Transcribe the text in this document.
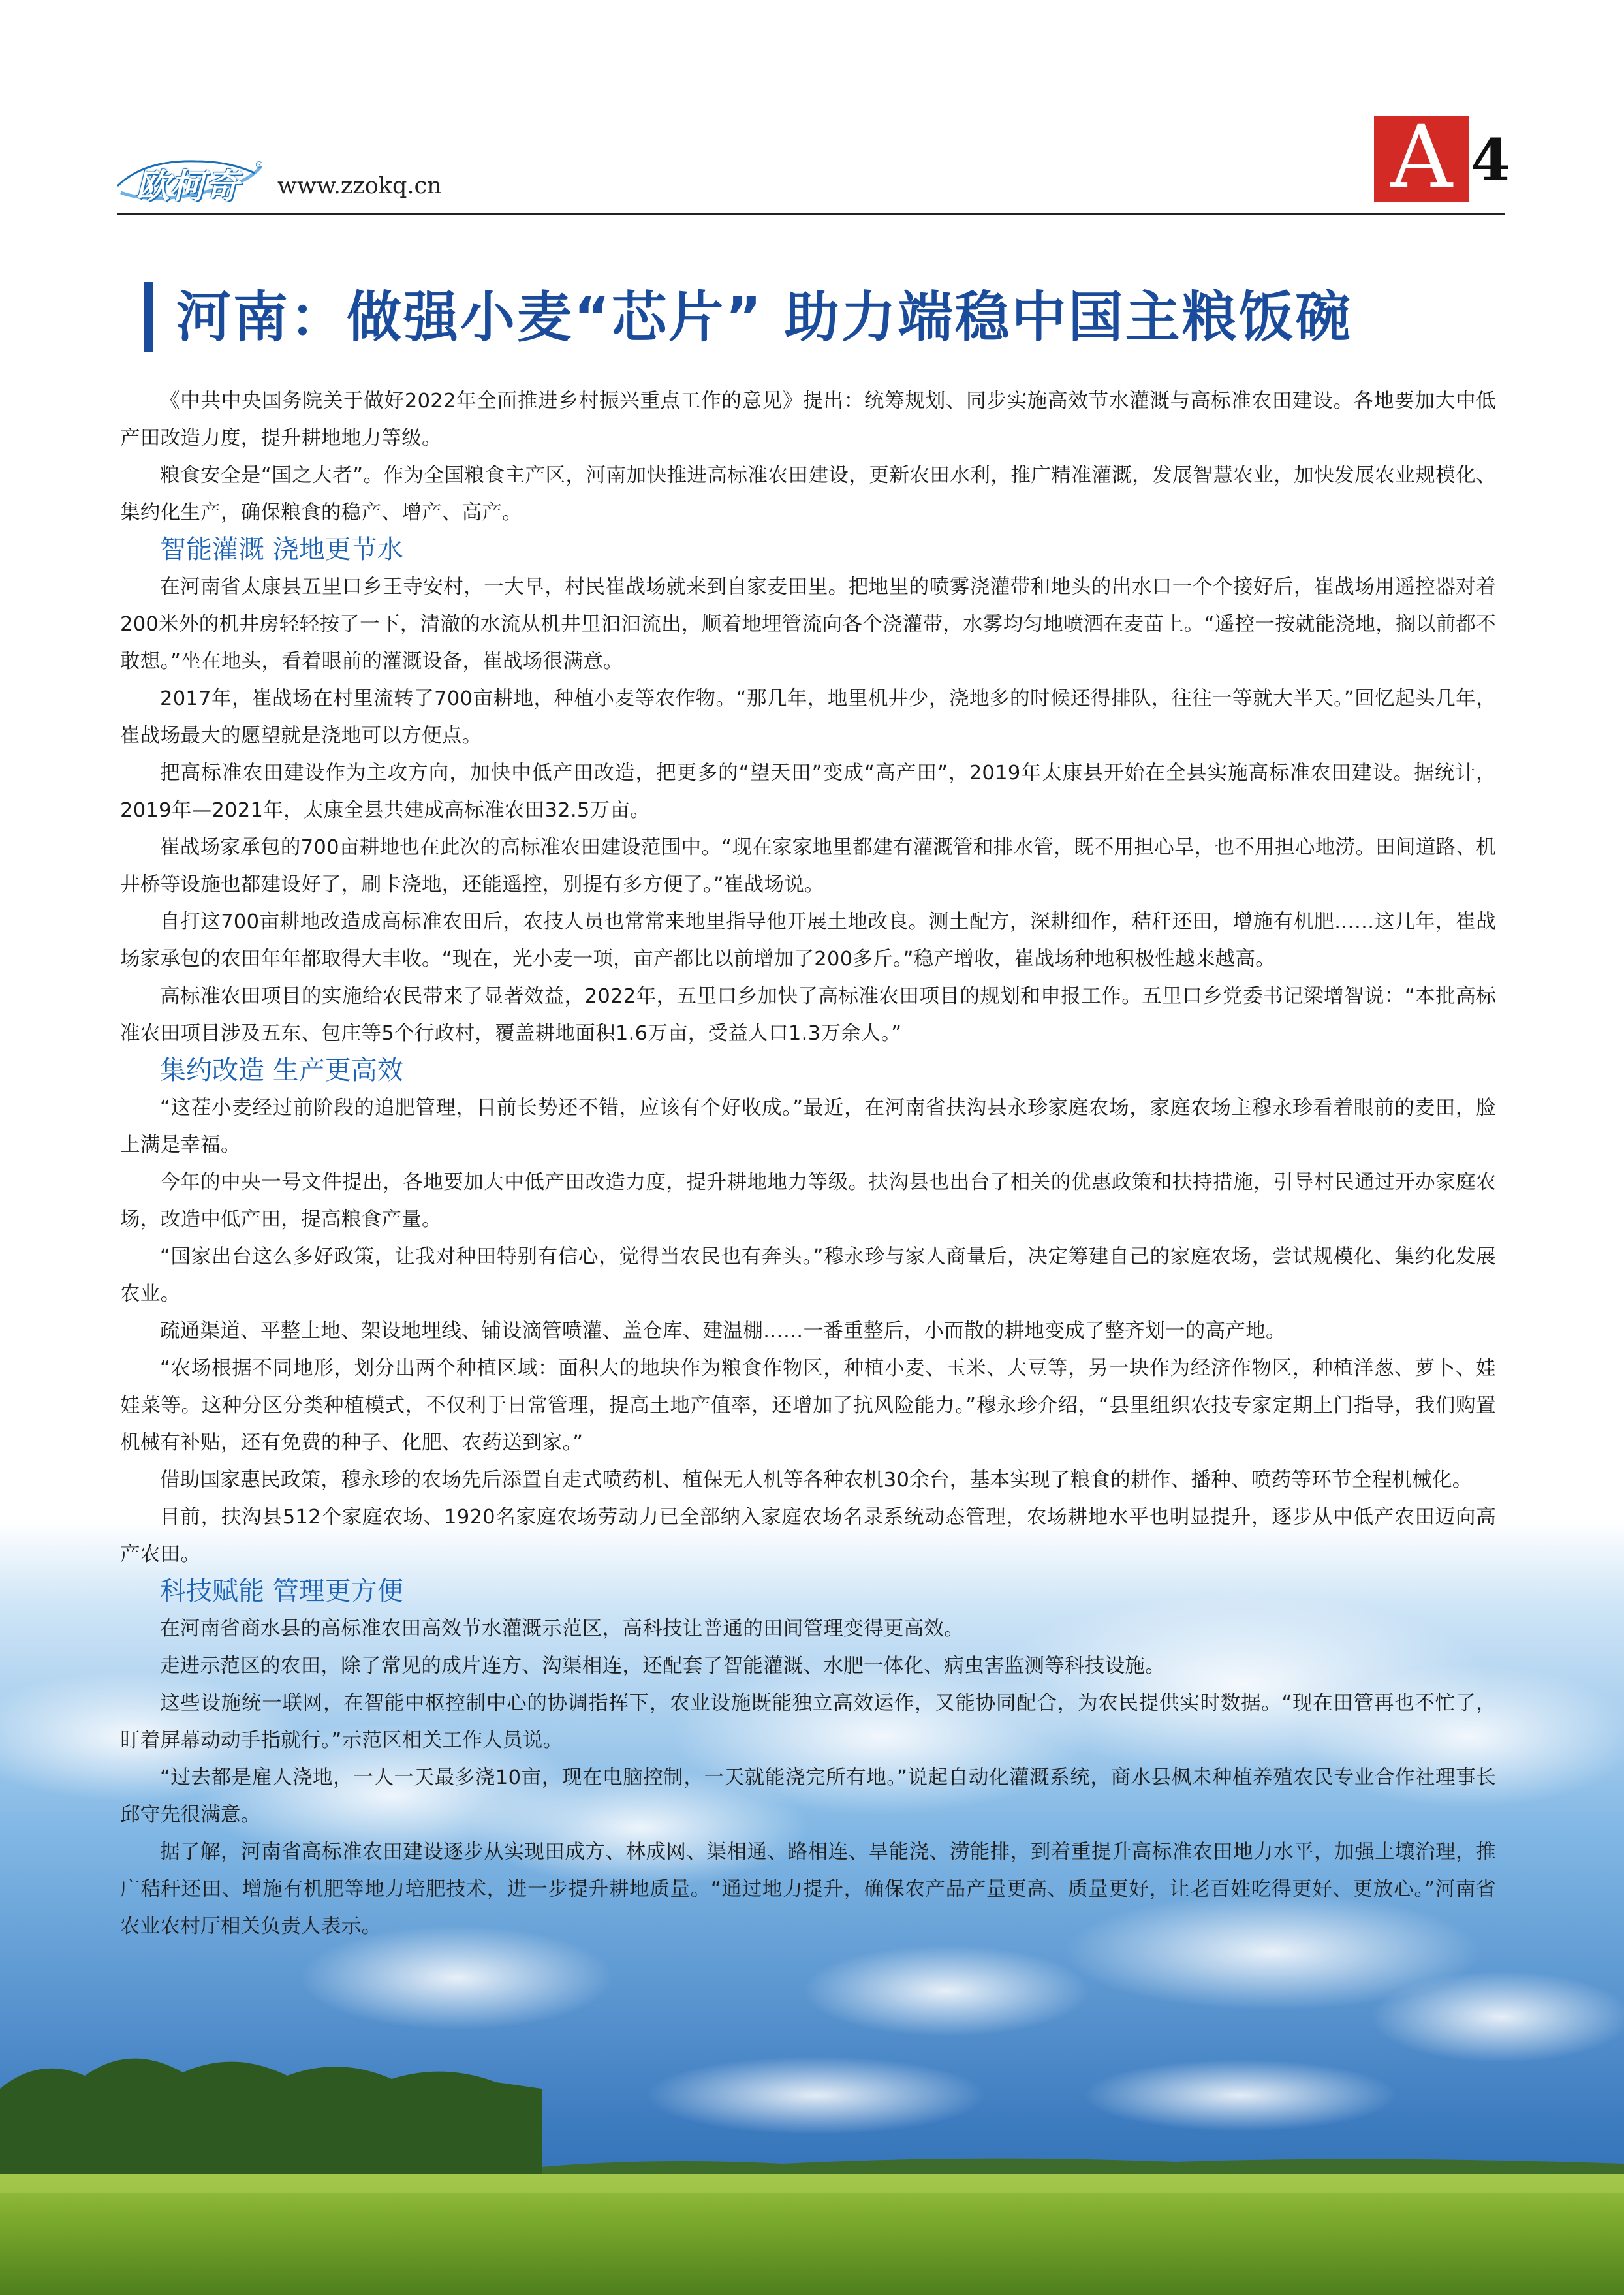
欧柯奇
®
www.zzokq.cn	A 4
河南：做强小麦“芯片” 助力端稳中国主粮饭碗

《中共中央国务院关于做好2022年全面推进乡村振兴重点工作的意见》提出：统筹规划、同步实施高效节水灌溉与高标准农田建设。各地要加大中低产田改造力度，提升耕地地力等级。

粮食安全是“国之大者”。作为全国粮食主产区，河南加快推进高标准农田建设，更新农田水利，推广精准灌溉，发展智慧农业，加快发展农业规模化、集约化生产，确保粮食的稳产、增产、高产。

智能灌溉 浇地更节水

在河南省太康县五里口乡王寺安村，一大早，村民崔战场就来到自家麦田里。把地里的喷雾浇灌带和地头的出水口一个个接好后，崔战场用遥控器对着200米外的机井房轻轻按了一下，清澈的水流从机井里汩汩流出，顺着地埋管流向各个浇灌带，水雾均匀地喷洒在麦苗上。“遥控一按就能浇地，搁以前都不敢想。”坐在地头，看着眼前的灌溉设备，崔战场很满意。

2017年，崔战场在村里流转了700亩耕地，种植小麦等农作物。“那几年，地里机井少，浇地多的时候还得排队，往往一等就大半天。”回忆起头几年，崔战场最大的愿望就是浇地可以方便点。

把高标准农田建设作为主攻方向，加快中低产田改造，把更多的“望天田”变成“高产田”，2019年太康县开始在全县实施高标准农田建设。据统计，2019年—2021年，太康全县共建成高标准农田32.5万亩。

崔战场家承包的700亩耕地也在此次的高标准农田建设范围中。“现在家家地里都建有灌溉管和排水管，既不用担心旱，也不用担心地涝。田间道路、机井桥等设施也都建设好了，刷卡浇地，还能遥控，别提有多方便了。”崔战场说。

自打这700亩耕地改造成高标准农田后，农技人员也常常来地里指导他开展土地改良。测土配方，深耕细作，秸秆还田，增施有机肥……这几年，崔战场家承包的农田年年都取得大丰收。“现在，光小麦一项，亩产都比以前增加了200多斤。”稳产增收，崔战场种地积极性越来越高。

高标准农田项目的实施给农民带来了显著效益，2022年，五里口乡加快了高标准农田项目的规划和申报工作。五里口乡党委书记梁增智说：“本批高标准农田项目涉及五东、包庄等5个行政村，覆盖耕地面积1.6万亩，受益人口1.3万余人。”

集约改造 生产更高效

“这茬小麦经过前阶段的追肥管理，目前长势还不错，应该有个好收成。”最近，在河南省扶沟县永珍家庭农场，家庭农场主穆永珍看着眼前的麦田，脸上满是幸福。

今年的中央一号文件提出，各地要加大中低产田改造力度，提升耕地地力等级。扶沟县也出台了相关的优惠政策和扶持措施，引导村民通过开办家庭农场，改造中低产田，提高粮食产量。

“国家出台这么多好政策，让我对种田特别有信心，觉得当农民也有奔头。”穆永珍与家人商量后，决定筹建自己的家庭农场，尝试规模化、集约化发展农业。

疏通渠道、平整土地、架设地埋线、铺设滴管喷灌、盖仓库、建温棚……一番重整后，小而散的耕地变成了整齐划一的高产地。

“农场根据不同地形，划分出两个种植区域：面积大的地块作为粮食作物区，种植小麦、玉米、大豆等，另一块作为经济作物区，种植洋葱、萝卜、娃娃菜等。这种分区分类种植模式，不仅利于日常管理，提高土地产值率，还增加了抗风险能力。”穆永珍介绍，“县里组织农技专家定期上门指导，我们购置机械有补贴，还有免费的种子、化肥、农药送到家。”

借助国家惠民政策，穆永珍的农场先后添置自走式喷药机、植保无人机等各种农机30余台，基本实现了粮食的耕作、播种、喷药等环节全程机械化。

目前，扶沟县512个家庭农场、1920名家庭农场劳动力已全部纳入家庭农场名录系统动态管理，农场耕地水平也明显提升，逐步从中低产农田迈向高产农田。

科技赋能 管理更方便

在河南省商水县的高标准农田高效节水灌溉示范区，高科技让普通的田间管理变得更高效。

走进示范区的农田，除了常见的成片连方、沟渠相连，还配套了智能灌溉、水肥一体化、病虫害监测等科技设施。

这些设施统一联网，在智能中枢控制中心的协调指挥下，农业设施既能独立高效运作，又能协同配合，为农民提供实时数据。“现在田管再也不忙了，盯着屏幕动动手指就行。”示范区相关工作人员说。

“过去都是雇人浇地，一人一天最多浇10亩，现在电脑控制，一天就能浇完所有地。”说起自动化灌溉系统，商水县枫未种植养殖农民专业合作社理事长邱守先很满意。

据了解，河南省高标准农田建设逐步从实现田成方、林成网、渠相通、路相连、旱能浇、涝能排，到着重提升高标准农田地力水平，加强土壤治理，推广秸秆还田、增施有机肥等地力培肥技术，进一步提升耕地质量。“通过地力提升，确保农产品产量更高、质量更好，让老百姓吃得更好、更放心。”河南省农业农村厅相关负责人表示。
